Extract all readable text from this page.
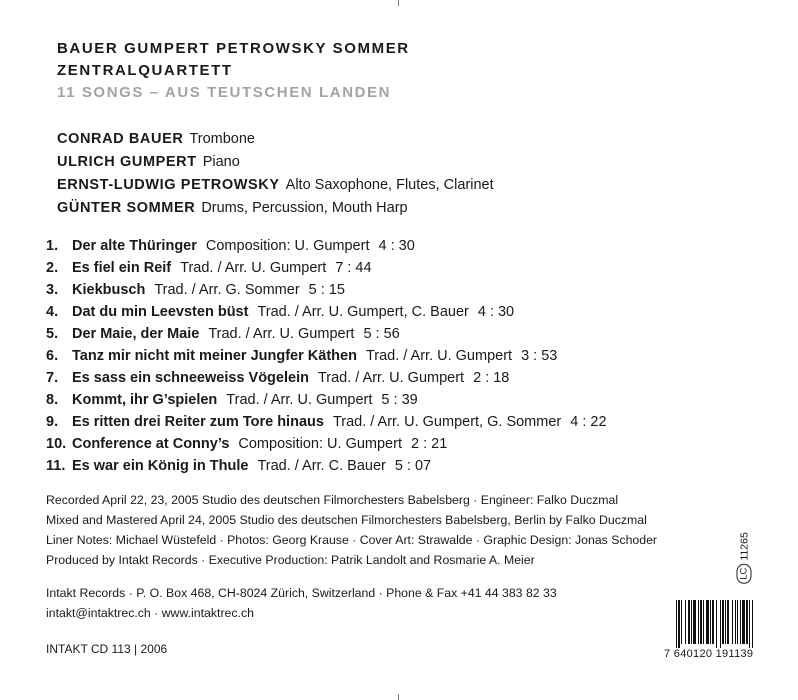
BAUER GUMPERT PETROWSKY SOMMER
ZENTRALQUARTETT
11 SONGS – AUS TEUTSCHEN LANDEN
CONRAD BAUER Trombone
ULRICH GUMPERT Piano
ERNST-LUDWIG PETROWSKY Alto Saxophone, Flutes, Clarinet
GÜNTER SOMMER Drums, Percussion, Mouth Harp
1. Der alte Thüringer Composition: U. Gumpert 4 : 30
2. Es fiel ein Reif Trad. / Arr. U. Gumpert 7 : 44
3. Kiekbusch Trad. / Arr. G. Sommer 5 : 15
4. Dat du min Leevsten büst Trad. / Arr. U. Gumpert, C. Bauer 4 : 30
5. Der Maie, der Maie Trad. / Arr. U. Gumpert 5 : 56
6. Tanz mir nicht mit meiner Jungfer Käthen Trad. / Arr. U. Gumpert 3 : 53
7. Es sass ein schneeweiss Vögelein Trad. / Arr. U. Gumpert 2 : 18
8. Kommt, ihr G’spielen Trad. / Arr. U. Gumpert 5 : 39
9. Es ritten drei Reiter zum Tore hinaus Trad. / Arr. U. Gumpert, G. Sommer 4 : 22
10. Conference at Conny’s Composition: U. Gumpert 2 : 21
11. Es war ein König in Thule Trad. / Arr. C. Bauer 5 : 07
Recorded April 22, 23, 2005 Studio des deutschen Filmorchesters Babelsberg · Engineer: Falko Duczmal
Mixed and Mastered April 24, 2005 Studio des deutschen Filmorchesters Babelsberg, Berlin by Falko Duczmal
Liner Notes: Michael Wüstefeld · Photos: Georg Krause · Cover Art: Strawalde · Graphic Design: Jonas Schoder
Produced by Intakt Records · Executive Production: Patrik Landolt and Rosmarie A. Meier
Intakt Records · P. O. Box 468, CH-8024 Zürich, Switzerland · Phone & Fax +41 44 383 82 33
intakt@intaktrec.ch · www.intaktrec.ch
INTAKT CD 113 | 2006
LC
11265
7 640120 191139
